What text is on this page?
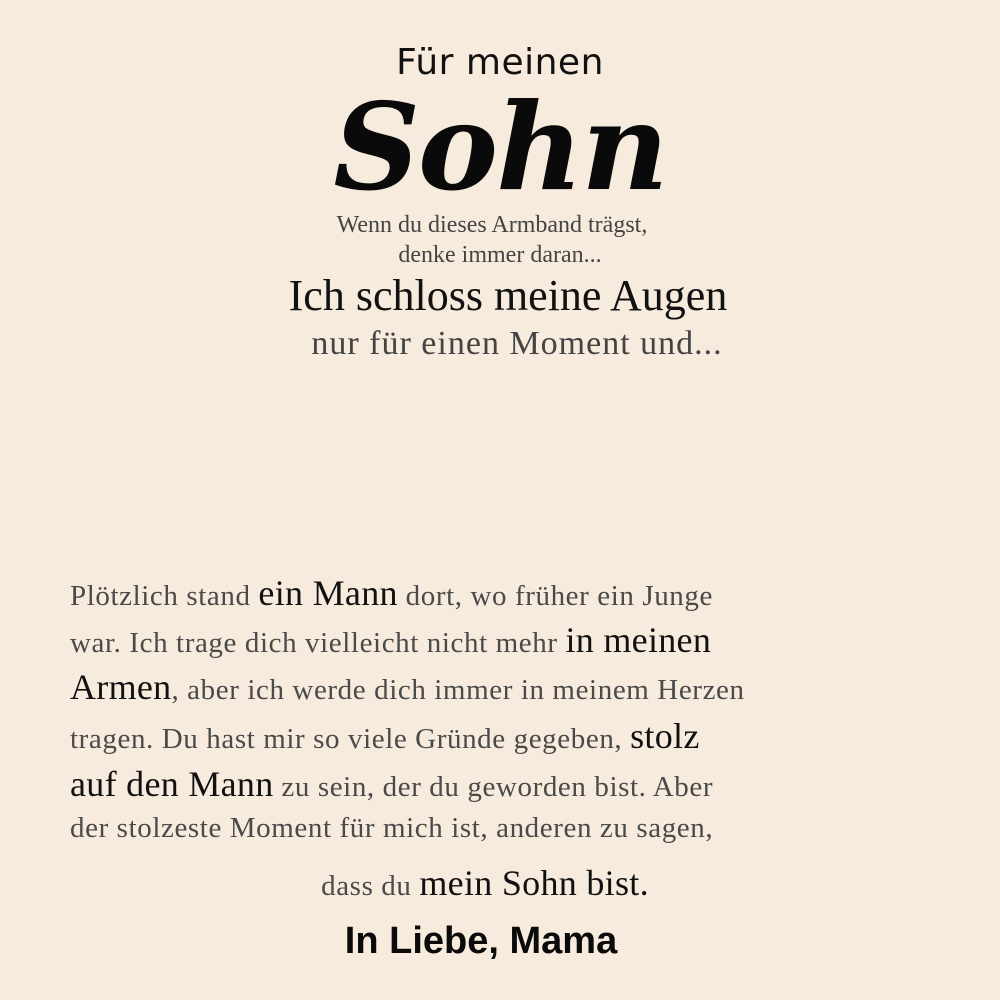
Für meinen
Sohn
Wenn du dieses Armband trägst,
denke immer daran...
Ich schloss meine Augen
nur für einen Moment und...
Plötzlich stand ein Mann dort, wo früher ein Junge
war. Ich trage dich vielleicht nicht mehr in meinen
Armen, aber ich werde dich immer in meinem Herzen
tragen. Du hast mir so viele Gründe gegeben, stolz
auf den Mann zu sein, der du geworden bist. Aber
der stolzeste Moment für mich ist, anderen zu sagen,
dass du mein Sohn bist.
In Liebe, Mama
